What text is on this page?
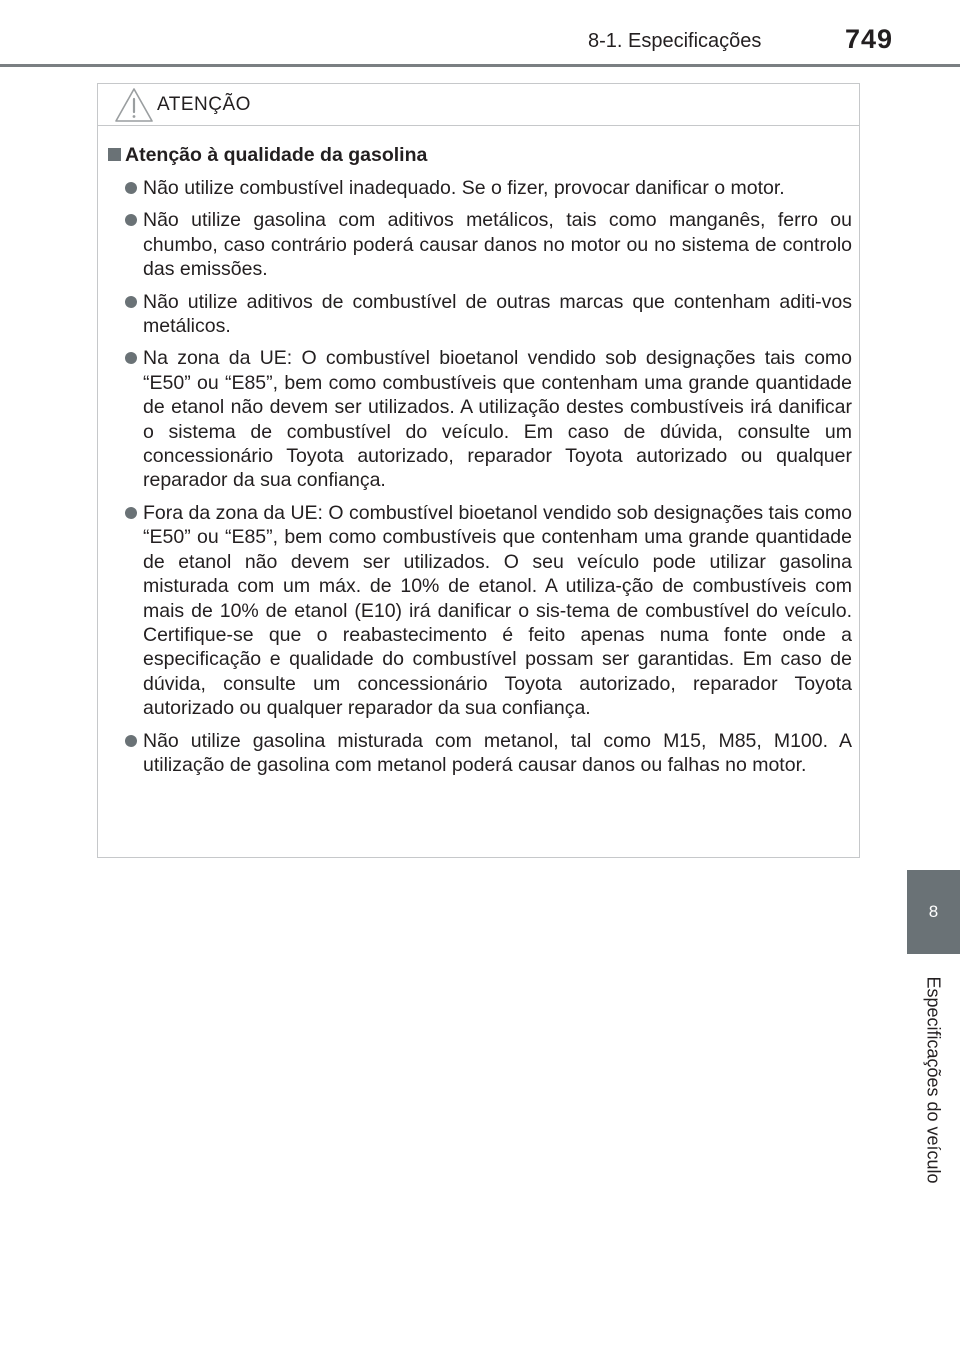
8-1. Especificações	749
8
Especificações do veículo
ATENÇÃO
Atenção à qualidade da gasolina
Não utilize combustível inadequado. Se o fizer, provocar danificar o motor.
Não utilize gasolina com aditivos metálicos, tais como manganês, ferro ou chumbo, caso contrário poderá causar danos no motor ou no sistema de controlo das emissões.
Não utilize aditivos de combustível de outras marcas que contenham aditi-vos metálicos.
Na zona da UE: O combustível bioetanol vendido sob designações tais como “E50” ou “E85”, bem como combustíveis que contenham uma grande quantidade de etanol não devem ser utilizados. A utilização destes combustíveis irá danificar o sistema de combustível do veículo. Em caso de dúvida, consulte um concessionário Toyota autorizado, reparador Toyota autorizado ou qualquer reparador da sua confiança.
Fora da zona da UE: O combustível bioetanol vendido sob designações tais como “E50” ou “E85”, bem como combustíveis que contenham uma grande quantidade de etanol não devem ser utilizados. O seu veículo pode utilizar gasolina misturada com um máx. de 10% de etanol. A utiliza-ção de combustíveis com mais de 10% de etanol (E10) irá danificar o sis-tema de combustível do veículo. Certifique-se que o reabastecimento é feito apenas numa fonte onde a especificação e qualidade do combustível possam ser garantidas. Em caso de dúvida, consulte um concessionário Toyota autorizado, reparador Toyota autorizado ou qualquer reparador da sua confiança.
Não utilize gasolina misturada com metanol, tal como M15, M85, M100. A utilização de gasolina com metanol poderá causar danos ou falhas no motor.
